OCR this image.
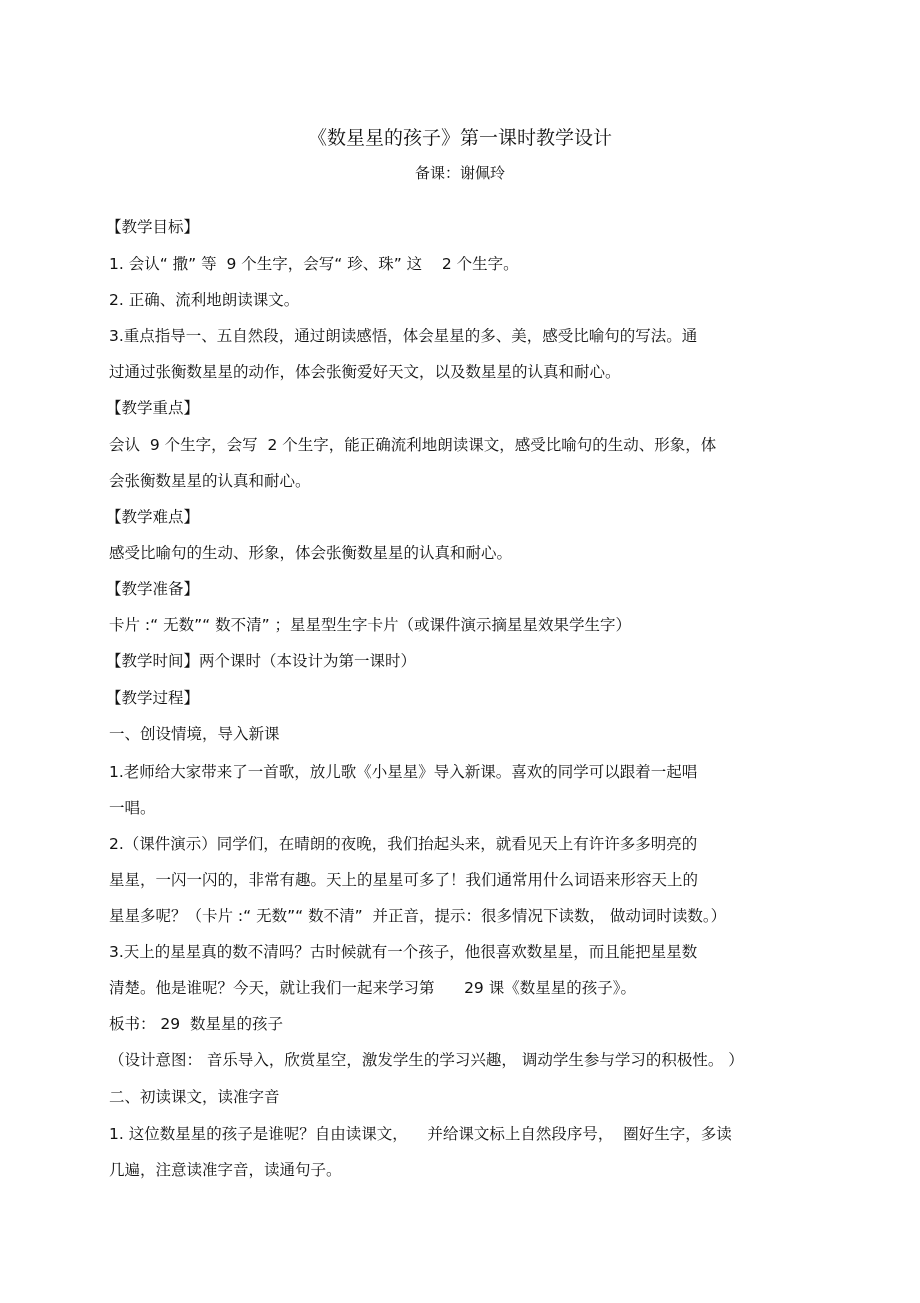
《数星星的孩子》第一课时教学设计
备课：谢佩玲
【教学目标】
1. 会认“ 撒” 等  9 个生字，会写“ 珍、珠” 这    2 个生字。
2. 正确、流利地朗读课文。
3.重点指导一、五自然段，通过朗读感悟，体会星星的多、美，感受比喻句的写法。通
过通过张衡数星星的动作，体会张衡爱好天文，以及数星星的认真和耐心。
【教学重点】
会认  9 个生字，会写  2 个生字，能正确流利地朗读课文，感受比喻句的生动、形象，体
会张衡数星星的认真和耐心。
【教学难点】
感受比喻句的生动、形象，体会张衡数星星的认真和耐心。
【教学准备】
卡片 :“ 无数”“ 数不清” ；星星型生字卡片（或课件演示摘星星效果学生字）
【教学时间】两个课时（本设计为第一课时）
【教学过程】
一、创设情境，导入新课
1.老师给大家带来了一首歌，放儿歌《小星星》导入新课。喜欢的同学可以跟着一起唱
一唱。
2.（课件演示）同学们，在晴朗的夜晚，我们抬起头来，就看见天上有许许多多明亮的
星星，一闪一闪的，非常有趣。天上的星星可多了！我们通常用什么词语来形容天上的
星星多呢？（卡片 :“ 无数”“ 数不清”  并正音，提示：很多情况下读数， 做动词时读数。）
3.天上的星星真的数不清吗？古时候就有一个孩子，他很喜欢数星星，而且能把星星数
清楚。他是谁呢？今天，就让我们一起来学习第      29 课《数星星的孩子》。
板书： 29  数星星的孩子
（设计意图： 音乐导入，欣赏星空，激发学生的学习兴趣， 调动学生参与学习的积极性。 ）
二、初读课文，读准字音
1. 这位数星星的孩子是谁呢？自由读课文，    并给课文标上自然段序号，  圈好生字，多读
几遍，注意读准字音，读通句子。
